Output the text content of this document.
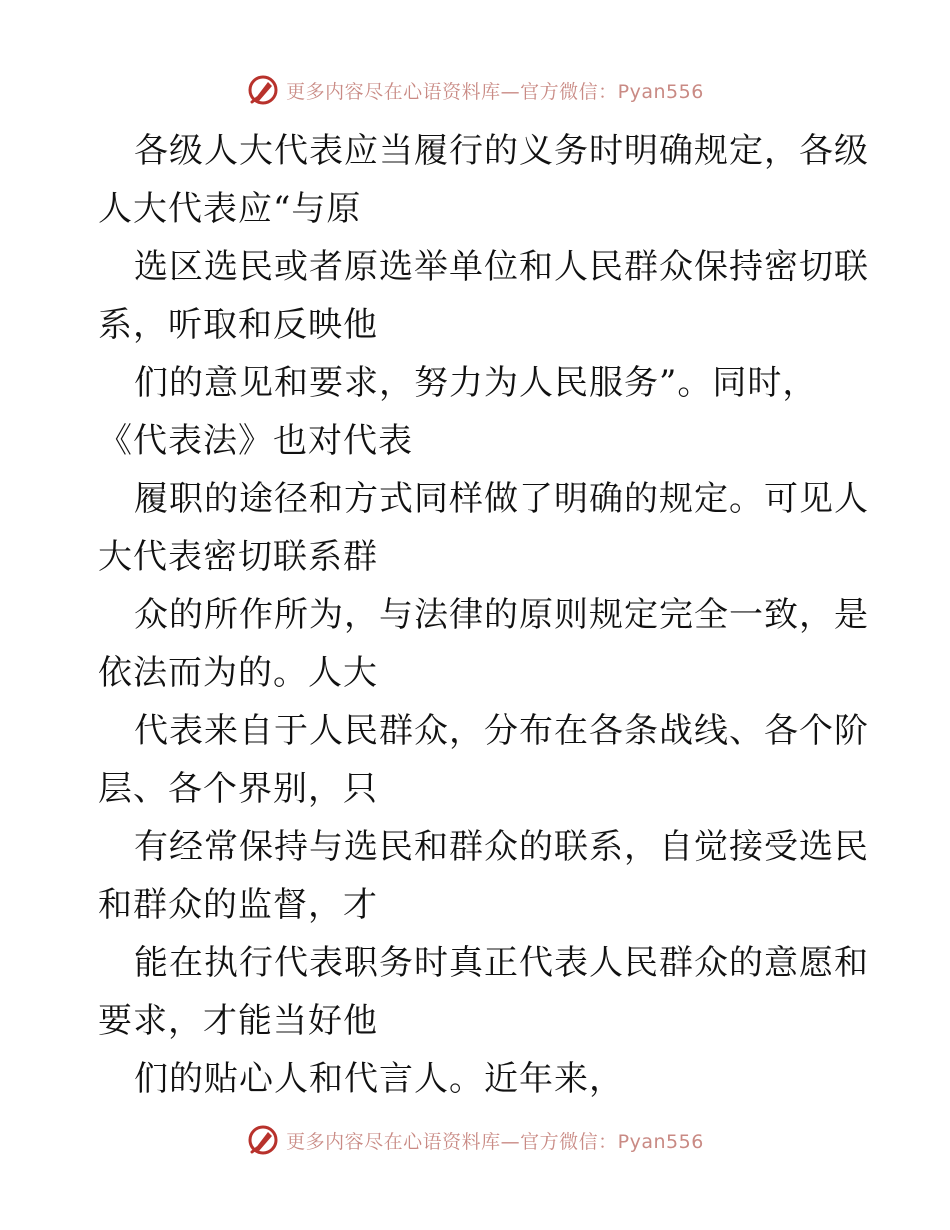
更多内容尽在心语资料库—官方微信：Pyan556
各级人大代表应当履行的义务时明确规定，各级
人大代表应“与原
选区选民或者原选举单位和人民群众保持密切联
系，听取和反映他
们的意见和要求，努力为人民服务”。同时，
《代表法》也对代表
履职的途径和方式同样做了明确的规定。可见人
大代表密切联系群
众的所作所为，与法律的原则规定完全一致，是
依法而为的。人大
代表来自于人民群众，分布在各条战线、各个阶
层、各个界别，只
有经常保持与选民和群众的联系，自觉接受选民
和群众的监督，才
能在执行代表职务时真正代表人民群众的意愿和
要求，才能当好他
们的贴心人和代言人。近年来，
更多内容尽在心语资料库—官方微信：Pyan556
